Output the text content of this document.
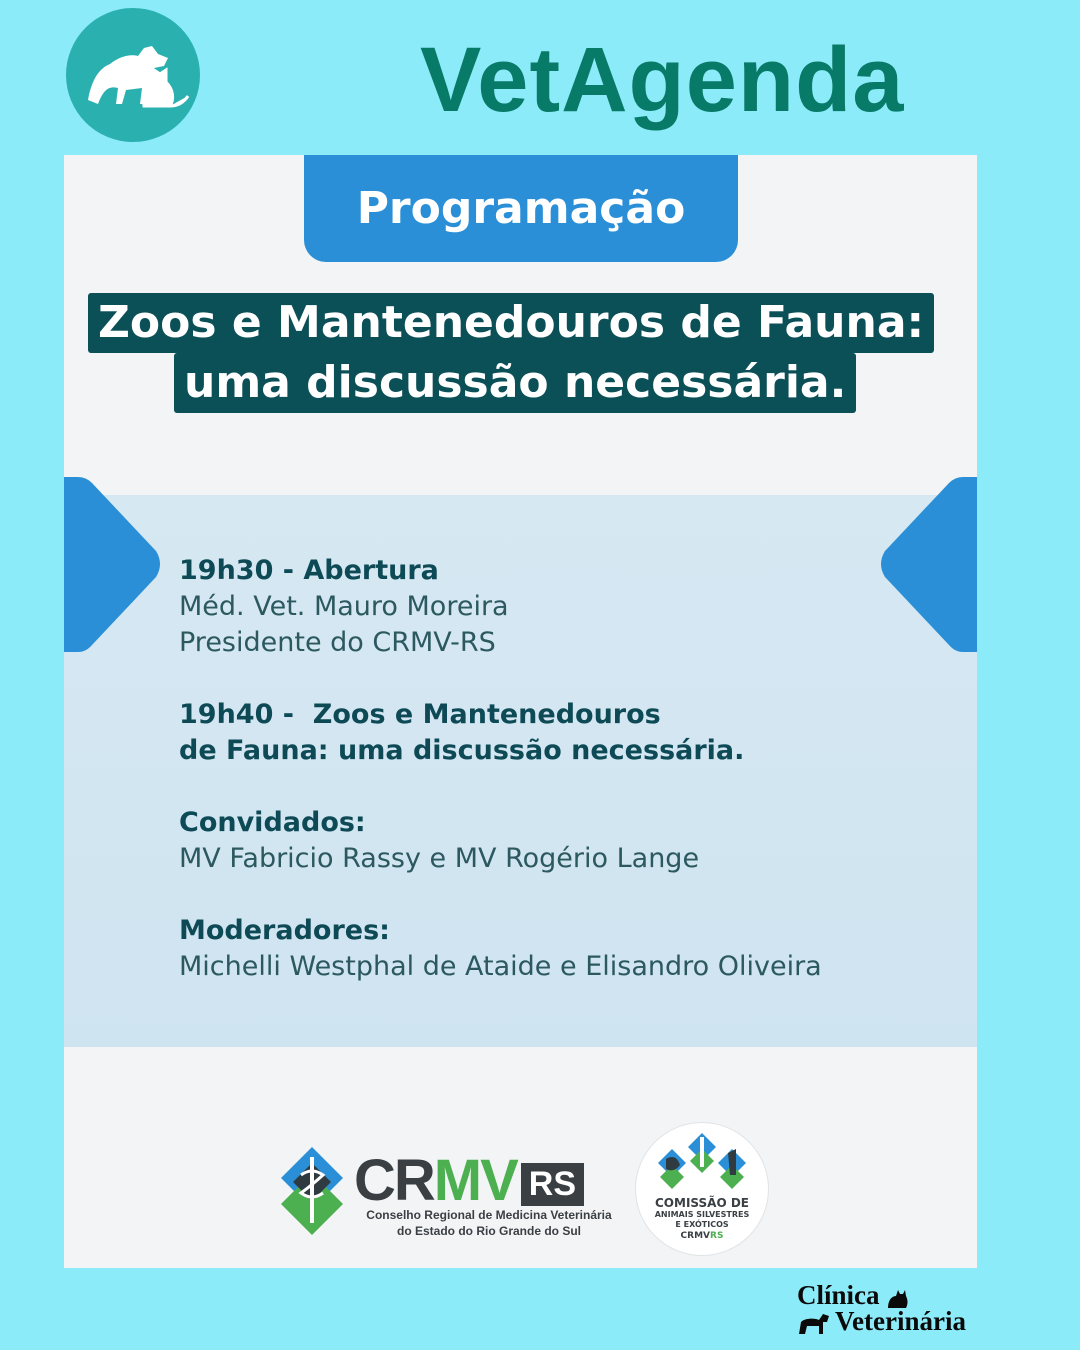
VetAgenda
Programação
Zoos e Mantenedouros de Fauna:
uma discussão necessária.
19h30 - Abertura
Méd. Vet. Mauro Moreira
Presidente do CRMV-RS
19h40 -  Zoos e Mantenedouros
de Fauna: uma discussão necessária.
Convidados:
MV Fabricio Rassy e MV Rogério Lange
Moderadores:
Michelli Westphal de Ataide e Elisandro Oliveira
CRMV RS
Conselho Regional de Medicina Veterinária
do Estado do Rio Grande do Sul
COMISSÃO DE
ANIMAIS SILVESTRES
E EXÓTICOS
CRMVRS
Clínica
Veterinária
